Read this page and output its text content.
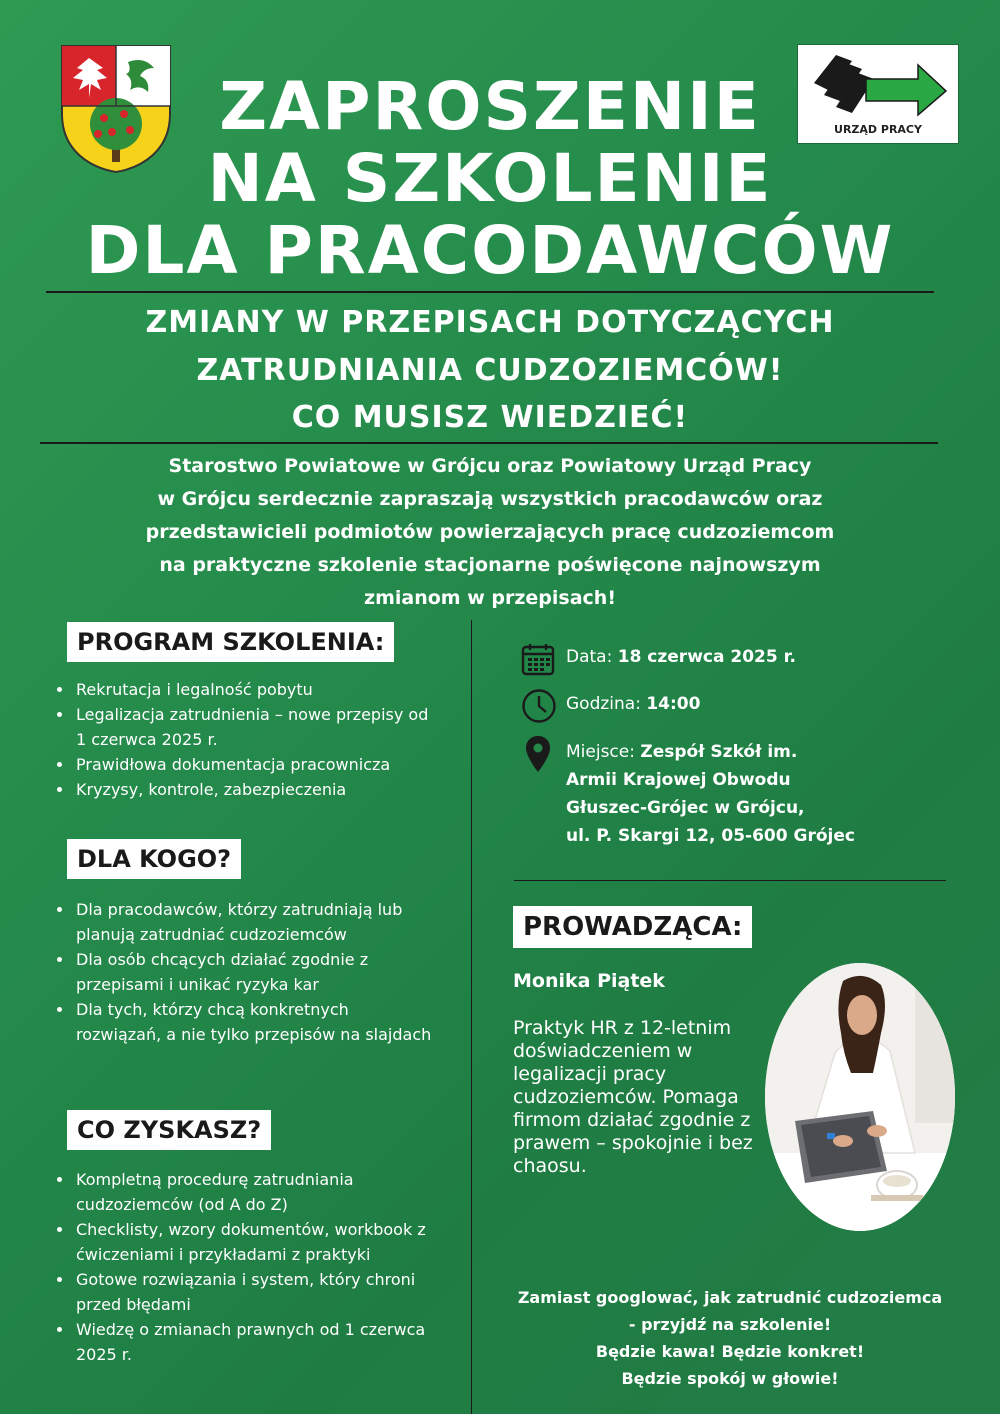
URZĄD PRACY
ZAPROSZENIE
NA SZKOLENIE
DLA PRACODAWCÓW
ZMIANY W PRZEPISACH DOTYCZĄCYCH
ZATRUDNIANIA CUDZOZIEMCÓW!
CO MUSISZ WIEDZIEĆ!
Starostwo Powiatowe w Grójcu oraz Powiatowy Urząd Pracy
w Grójcu serdecznie zapraszają wszystkich pracodawców oraz
przedstawicieli podmiotów powierzających pracę cudzoziemcom
na praktyczne szkolenie stacjonarne poświęcone najnowszym
zmianom w przepisach!
PROGRAM SZKOLENIA:
• Rekrutacja i legalność pobytu
• Legalizacja zatrudnienia – nowe przepisy od 1 czerwca 2025 r.
• Prawidłowa dokumentacja pracownicza
• Kryzysy, kontrole, zabezpieczenia
DLA KOGO?
• Dla pracodawców, którzy zatrudniają lub planują zatrudniać cudzoziemców
• Dla osób chcących działać zgodnie z przepisami i unikać ryzyka kar
• Dla tych, którzy chcą konkretnych rozwiązań, a nie tylko przepisów na slajdach
CO ZYSKASZ?
• Kompletną procedurę zatrudniania cudzoziemców (od A do Z)
• Checklisty, wzory dokumentów, workbook z ćwiczeniami i przykładami z praktyki
• Gotowe rozwiązania i system, który chroni przed błędami
• Wiedzę o zmianach prawnych od 1 czerwca 2025 r.
Data: 18 czerwca 2025 r.
Godzina: 14:00
Miejsce: Zespół Szkół im.
Armii Krajowej Obwodu
Głuszec-Grójec w Grójcu,
ul. P. Skargi 12, 05-600 Grójec
PROWADZĄCA:
Monika Piątek
Praktyk HR z 12-letnim doświadczeniem w legalizacji pracy cudzoziemców. Pomaga firmom działać zgodnie z prawem – spokojnie i bez chaosu.
Zamiast googlować, jak zatrudnić cudzoziemca
- przyjdź na szkolenie!
Będzie kawa! Będzie konkret!
Będzie spokój w głowie!
